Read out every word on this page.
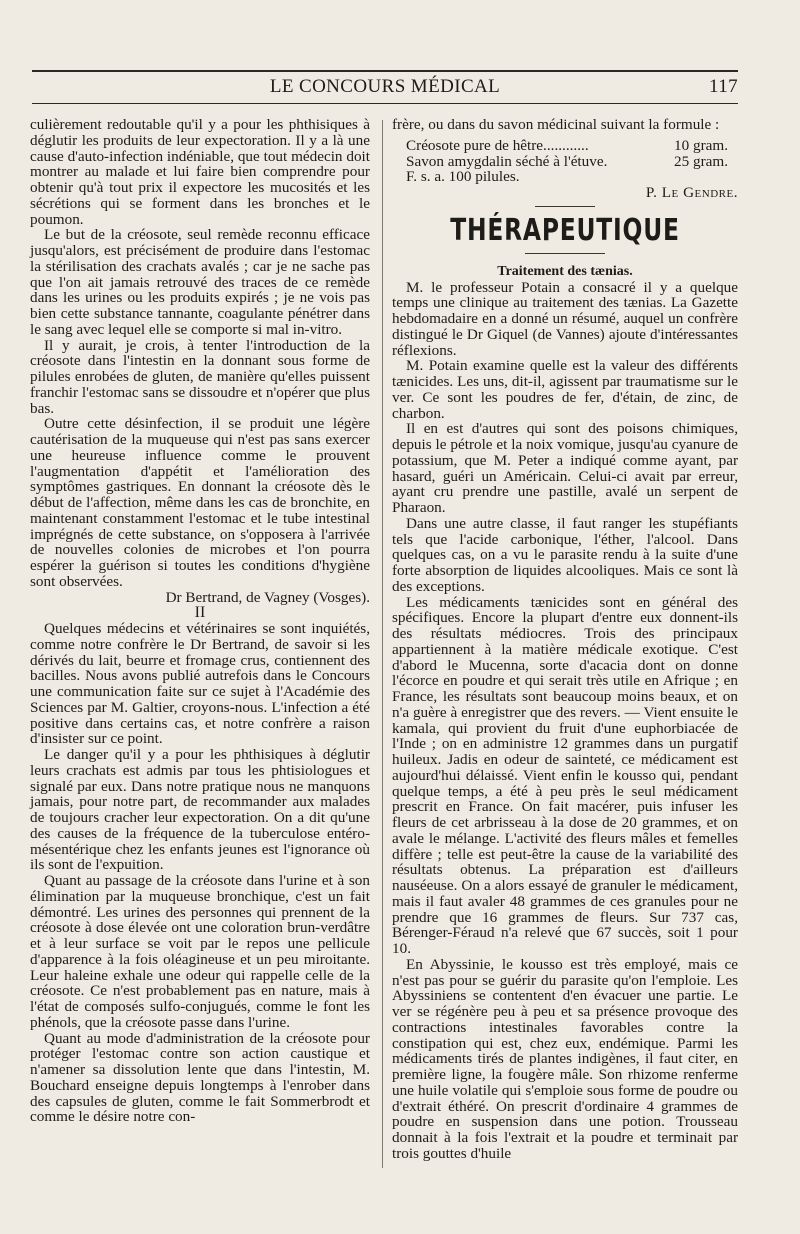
LE CONCOURS MÉDICAL	117

culièrement redoutable qu'il y a pour les phthisiques à déglutir les produits de leur expectoration. Il y a là une cause d'auto-infection indéniable, que tout médecin doit montrer au malade et lui faire bien comprendre pour obtenir qu'à tout prix il expectore les mucosités et les sécrétions qui se forment dans les bronches et le poumon.

Le but de la créosote, seul remède reconnu efficace jusqu'alors, est précisément de produire dans l'estomac la stérilisation des crachats avalés ; car je ne sache pas que l'on ait jamais retrouvé des traces de ce remède dans les urines ou les produits expirés ; je ne vois pas bien cette substance tannante, coagulante pénétrer dans le sang avec lequel elle se comporte si mal in-vitro.

Il y aurait, je crois, à tenter l'introduction de la créosote dans l'intestin en la donnant sous forme de pilules enrobées de gluten, de manière qu'elles puissent franchir l'estomac sans se dissoudre et n'opérer que plus bas.

Outre cette désinfection, il se produit une légère cautérisation de la muqueuse qui n'est pas sans exercer une heureuse influence comme le prouvent l'augmentation d'appétit et l'amélioration des symptômes gastriques. En donnant la créosote dès le début de l'affection, même dans les cas de bronchite, en maintenant constamment l'estomac et le tube intestinal imprégnés de cette substance, on s'opposera à l'arrivée de nouvelles colonies de microbes et l'on pourra espérer la guérison si toutes les conditions d'hygiène sont observées.

Dr Bertrand, de Vagney (Vosges).

II

Quelques médecins et vétérinaires se sont inquiétés, comme notre confrère le Dr Bertrand, de savoir si les dérivés du lait, beurre et fromage crus, contiennent des bacilles. Nous avons publié autrefois dans le Concours une communication faite sur ce sujet à l'Académie des Sciences par M. Galtier, croyons-nous. L'infection a été positive dans certains cas, et notre confrère a raison d'insister sur ce point.

Le danger qu'il y a pour les phthisiques à déglutir leurs crachats est admis par tous les phtisiologues et signalé par eux. Dans notre pratique nous ne manquons jamais, pour notre part, de recommander aux malades de toujours cracher leur expectoration. On a dit qu'une des causes de la fréquence de la tuberculose entéro-mésentérique chez les enfants jeunes est l'ignorance où ils sont de l'expuition.

Quant au passage de la créosote dans l'urine et à son élimination par la muqueuse bronchique, c'est un fait démontré. Les urines des personnes qui prennent de la créosote à dose élevée ont une coloration brun-verdâtre et à leur surface se voit par le repos une pellicule d'apparence à la fois oléagineuse et un peu miroitante. Leur haleine exhale une odeur qui rappelle celle de la créosote. Ce n'est probablement pas en nature, mais à l'état de composés sulfo-conjugués, comme le font les phénols, que la créosote passe dans l'urine.

Quant au mode d'administration de la créosote pour protéger l'estomac contre son action caustique et n'amener sa dissolution lente que dans l'intestin, M. Bouchard enseigne depuis longtemps à l'enrober dans des capsules de gluten, comme le fait Sommerbrodt et comme le désire notre con-

frère, ou dans du savon médicinal suivant la formule :

Créosote pure de hêtre............	10 gram.
Savon amygdalin séché à l'étuve.	25 gram.
F. s. a. 100 pilules.

P. Le Gendre.

THÉRAPEUTIQUE

Traitement des tænias.

M. le professeur Potain a consacré il y a quelque temps une clinique au traitement des tænias. La Gazette hebdomadaire en a donné un résumé, auquel un confrère distingué le Dr Giquel (de Vannes) ajoute d'intéressantes réflexions.

M. Potain examine quelle est la valeur des différents tænicides. Les uns, dit-il, agissent par traumatisme sur le ver. Ce sont les poudres de fer, d'étain, de zinc, de charbon.

Il en est d'autres qui sont des poisons chimiques, depuis le pétrole et la noix vomique, jusqu'au cyanure de potassium, que M. Peter a indiqué comme ayant, par hasard, guéri un Américain. Celui-ci avait par erreur, ayant cru prendre une pastille, avalé un serpent de Pharaon.

Dans une autre classe, il faut ranger les stupéfiants tels que l'acide carbonique, l'éther, l'alcool. Dans quelques cas, on a vu le parasite rendu à la suite d'une forte absorption de liquides alcooliques. Mais ce sont là des exceptions.

Les médicaments tænicides sont en général des spécifiques. Encore la plupart d'entre eux donnent-ils des résultats médiocres. Trois des principaux appartiennent à la matière médicale exotique. C'est d'abord le Mucenna, sorte d'acacia dont on donne l'écorce en poudre et qui serait très utile en Afrique ; en France, les résultats sont beaucoup moins beaux, et on n'a guère à enregistrer que des revers. — Vient ensuite le kamala, qui provient du fruit d'une euphorbiacée de l'Inde ; on en administre 12 grammes dans un purgatif huileux. Jadis en odeur de sainteté, ce médicament est aujourd'hui délaissé. Vient enfin le kousso qui, pendant quelque temps, a été à peu près le seul médicament prescrit en France. On fait macérer, puis infuser les fleurs de cet arbrisseau à la dose de 20 grammes, et on avale le mélange. L'activité des fleurs mâles et femelles diffère ; telle est peut-être la cause de la variabilité des résultats obtenus. La préparation est d'ailleurs nauséeuse. On a alors essayé de granuler le médicament, mais il faut avaler 48 grammes de ces granules pour ne prendre que 16 grammes de fleurs. Sur 737 cas, Bérenger-Féraud n'a relevé que 67 succès, soit 1 pour 10.

En Abyssinie, le kousso est très employé, mais ce n'est pas pour se guérir du parasite qu'on l'emploie. Les Abyssiniens se contentent d'en évacuer une partie. Le ver se régénère peu à peu et sa présence provoque des contractions intestinales favorables contre la constipation qui est, chez eux, endémique. Parmi les médicaments tirés de plantes indigènes, il faut citer, en première ligne, la fougère mâle. Son rhizome renferme une huile volatile qui s'emploie sous forme de poudre ou d'extrait éthéré. On prescrit d'ordinaire 4 grammes de poudre en suspension dans une potion. Trousseau donnait à la fois l'extrait et la poudre et terminait par trois gouttes d'huile
